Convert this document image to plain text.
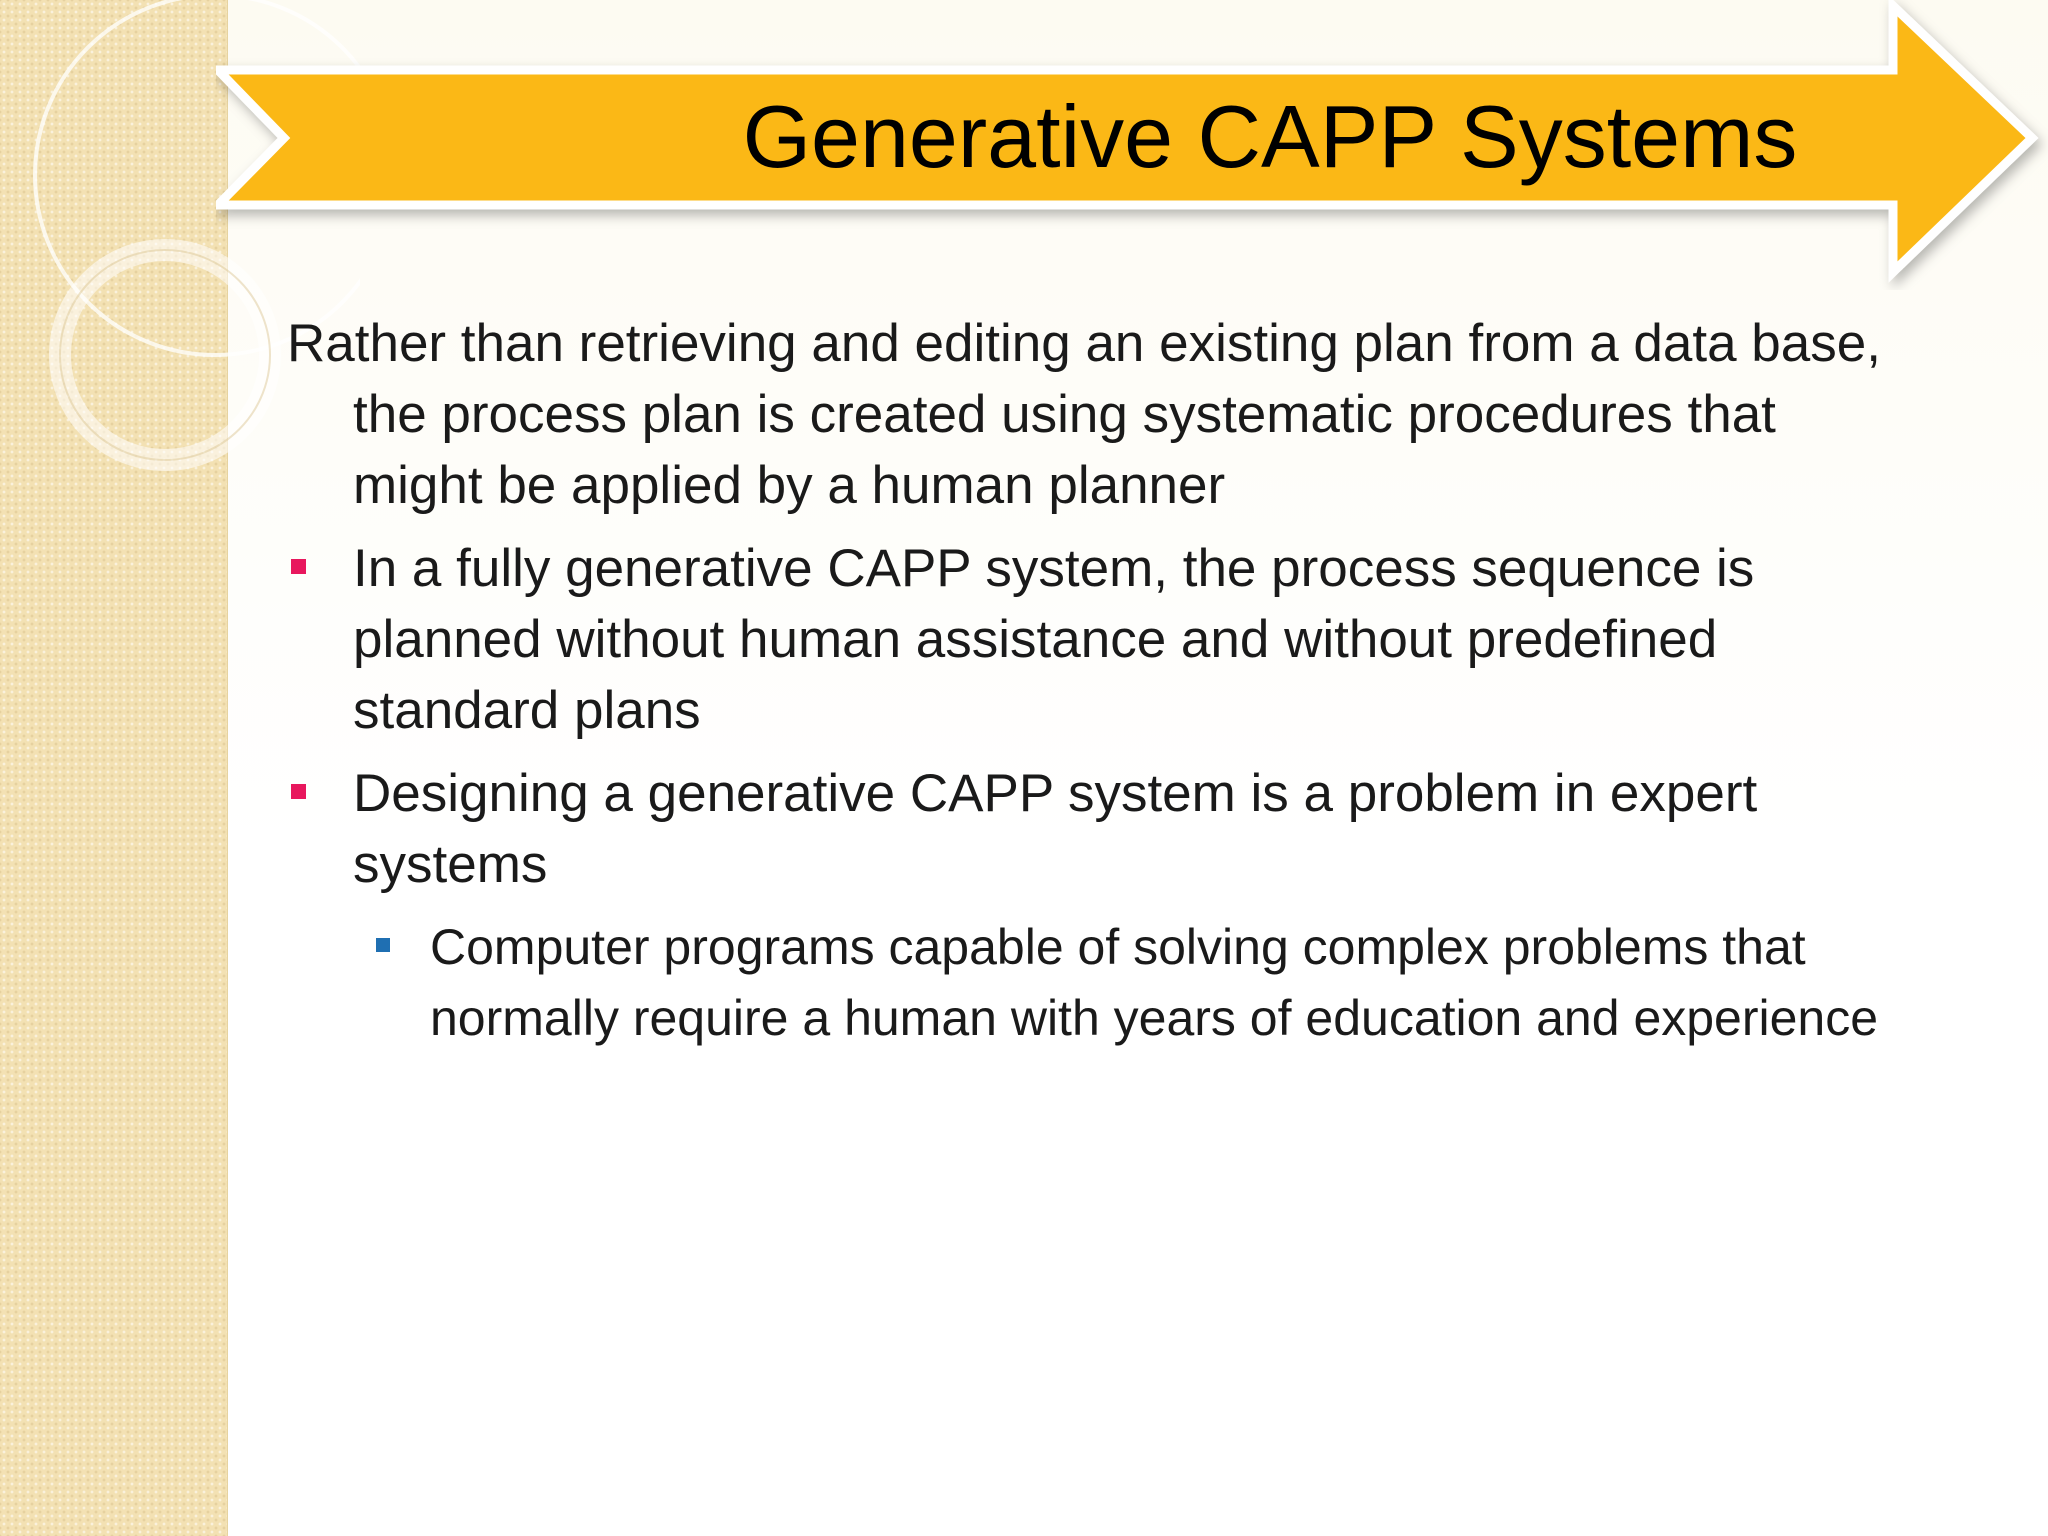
Generative CAPP Systems

Rather than retrieving and editing an existing plan from a data base, the process plan is created using systematic procedures that might be applied by a human planner

In a fully generative CAPP system, the process sequence is planned without human assistance and without predefined standard plans
Designing a generative CAPP system is a problem in expert systems
Computer programs capable of solving complex problems that normally require a human with years of education and experience
